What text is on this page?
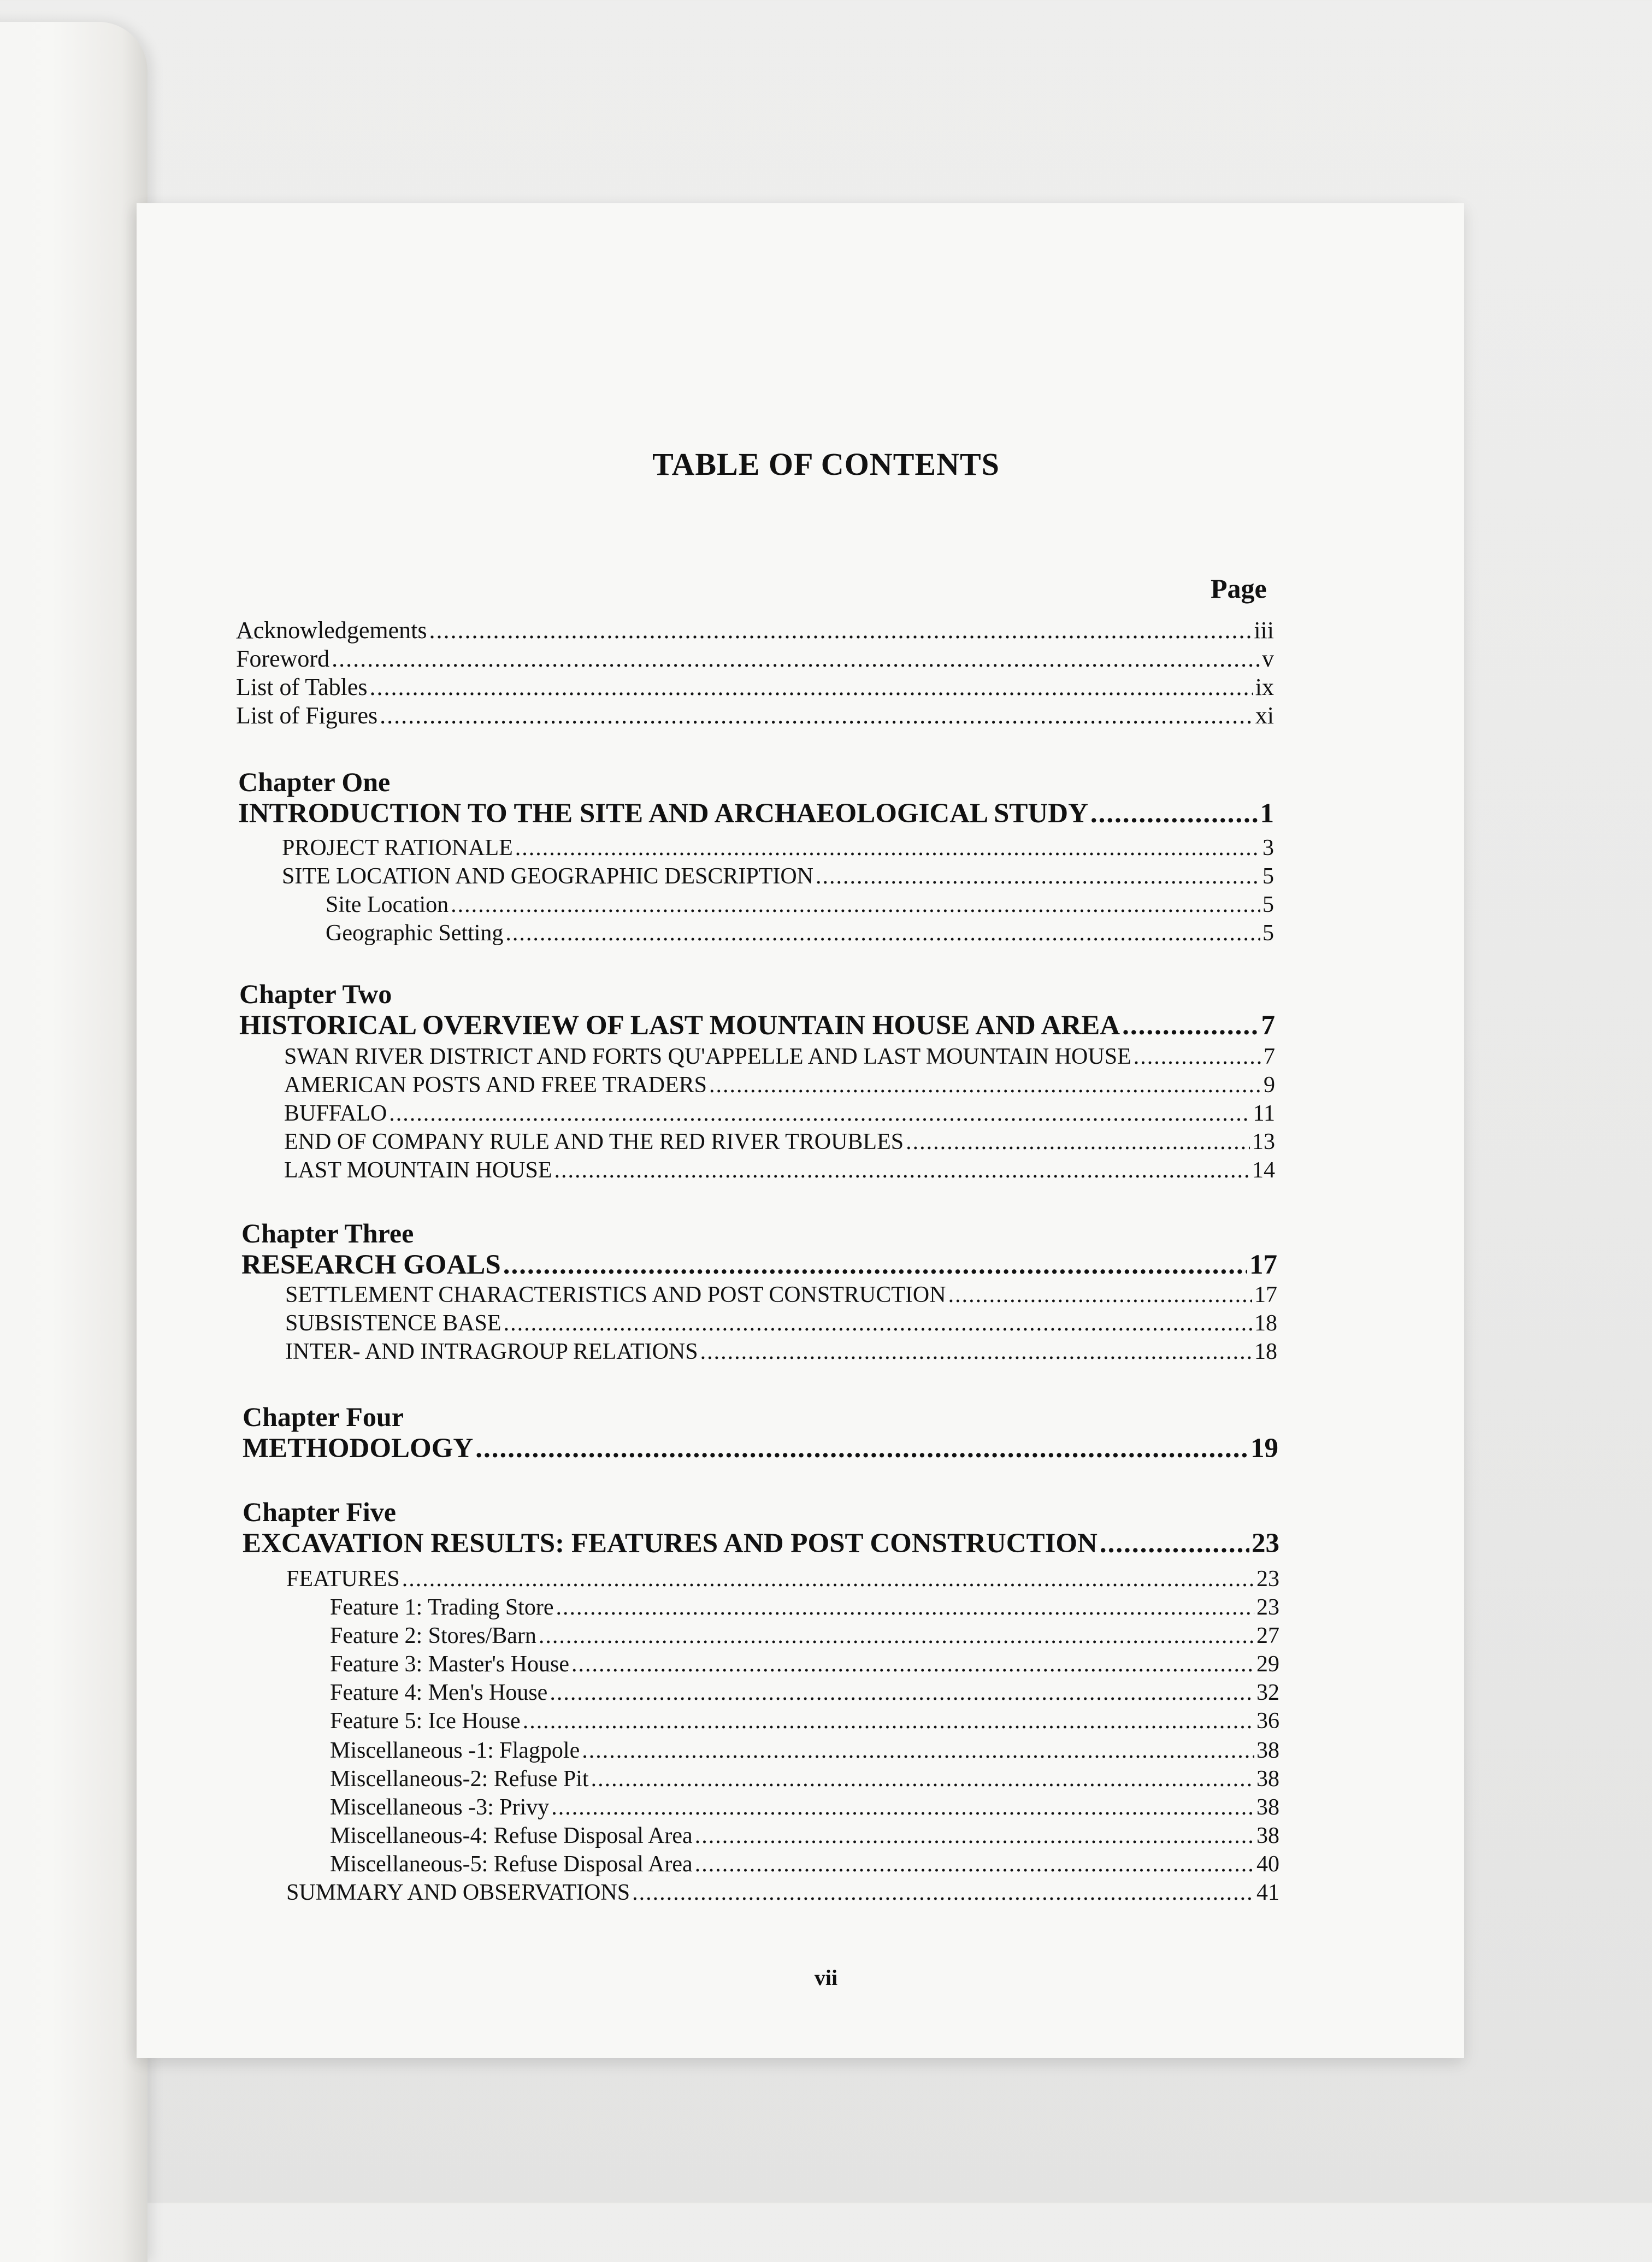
TABLE OF CONTENTS
Page
Acknowledgements .....	iii
Foreword .....	v
List of Tables .....	ix
List of Figures .....	xi
Chapter One
INTRODUCTION TO THE SITE AND ARCHAEOLOGICAL STUDY .....	1
PROJECT RATIONALE .....	3
SITE LOCATION AND GEOGRAPHIC DESCRIPTION .....	5
Site Location .....	5
Geographic Setting .....	5
Chapter Two
HISTORICAL OVERVIEW OF LAST MOUNTAIN HOUSE AND AREA .....	7
SWAN RIVER DISTRICT AND FORTS QU'APPELLE AND LAST MOUNTAIN HOUSE .....	7
AMERICAN POSTS AND FREE TRADERS .....	9
BUFFALO .....	11
END OF COMPANY RULE AND THE RED RIVER TROUBLES .....	13
LAST MOUNTAIN HOUSE .....	14
Chapter Three
RESEARCH GOALS .....	17
SETTLEMENT CHARACTERISTICS AND POST CONSTRUCTION .....	17
SUBSISTENCE BASE .....	18
INTER- AND INTRAGROUP RELATIONS .....	18
Chapter Four
METHODOLOGY .....	19
Chapter Five
EXCAVATION RESULTS: FEATURES AND POST CONSTRUCTION .....	23
FEATURES .....	23
Feature 1: Trading Store .....	23
Feature 2: Stores/Barn .....	27
Feature 3: Master's House .....	29
Feature 4: Men's House .....	32
Feature 5: Ice House .....	36
Miscellaneous -1: Flagpole .....	38
Miscellaneous-2: Refuse Pit .....	38
Miscellaneous -3: Privy .....	38
Miscellaneous-4: Refuse Disposal Area .....	38
Miscellaneous-5: Refuse Disposal Area .....	40
SUMMARY AND OBSERVATIONS .....	41
vii
